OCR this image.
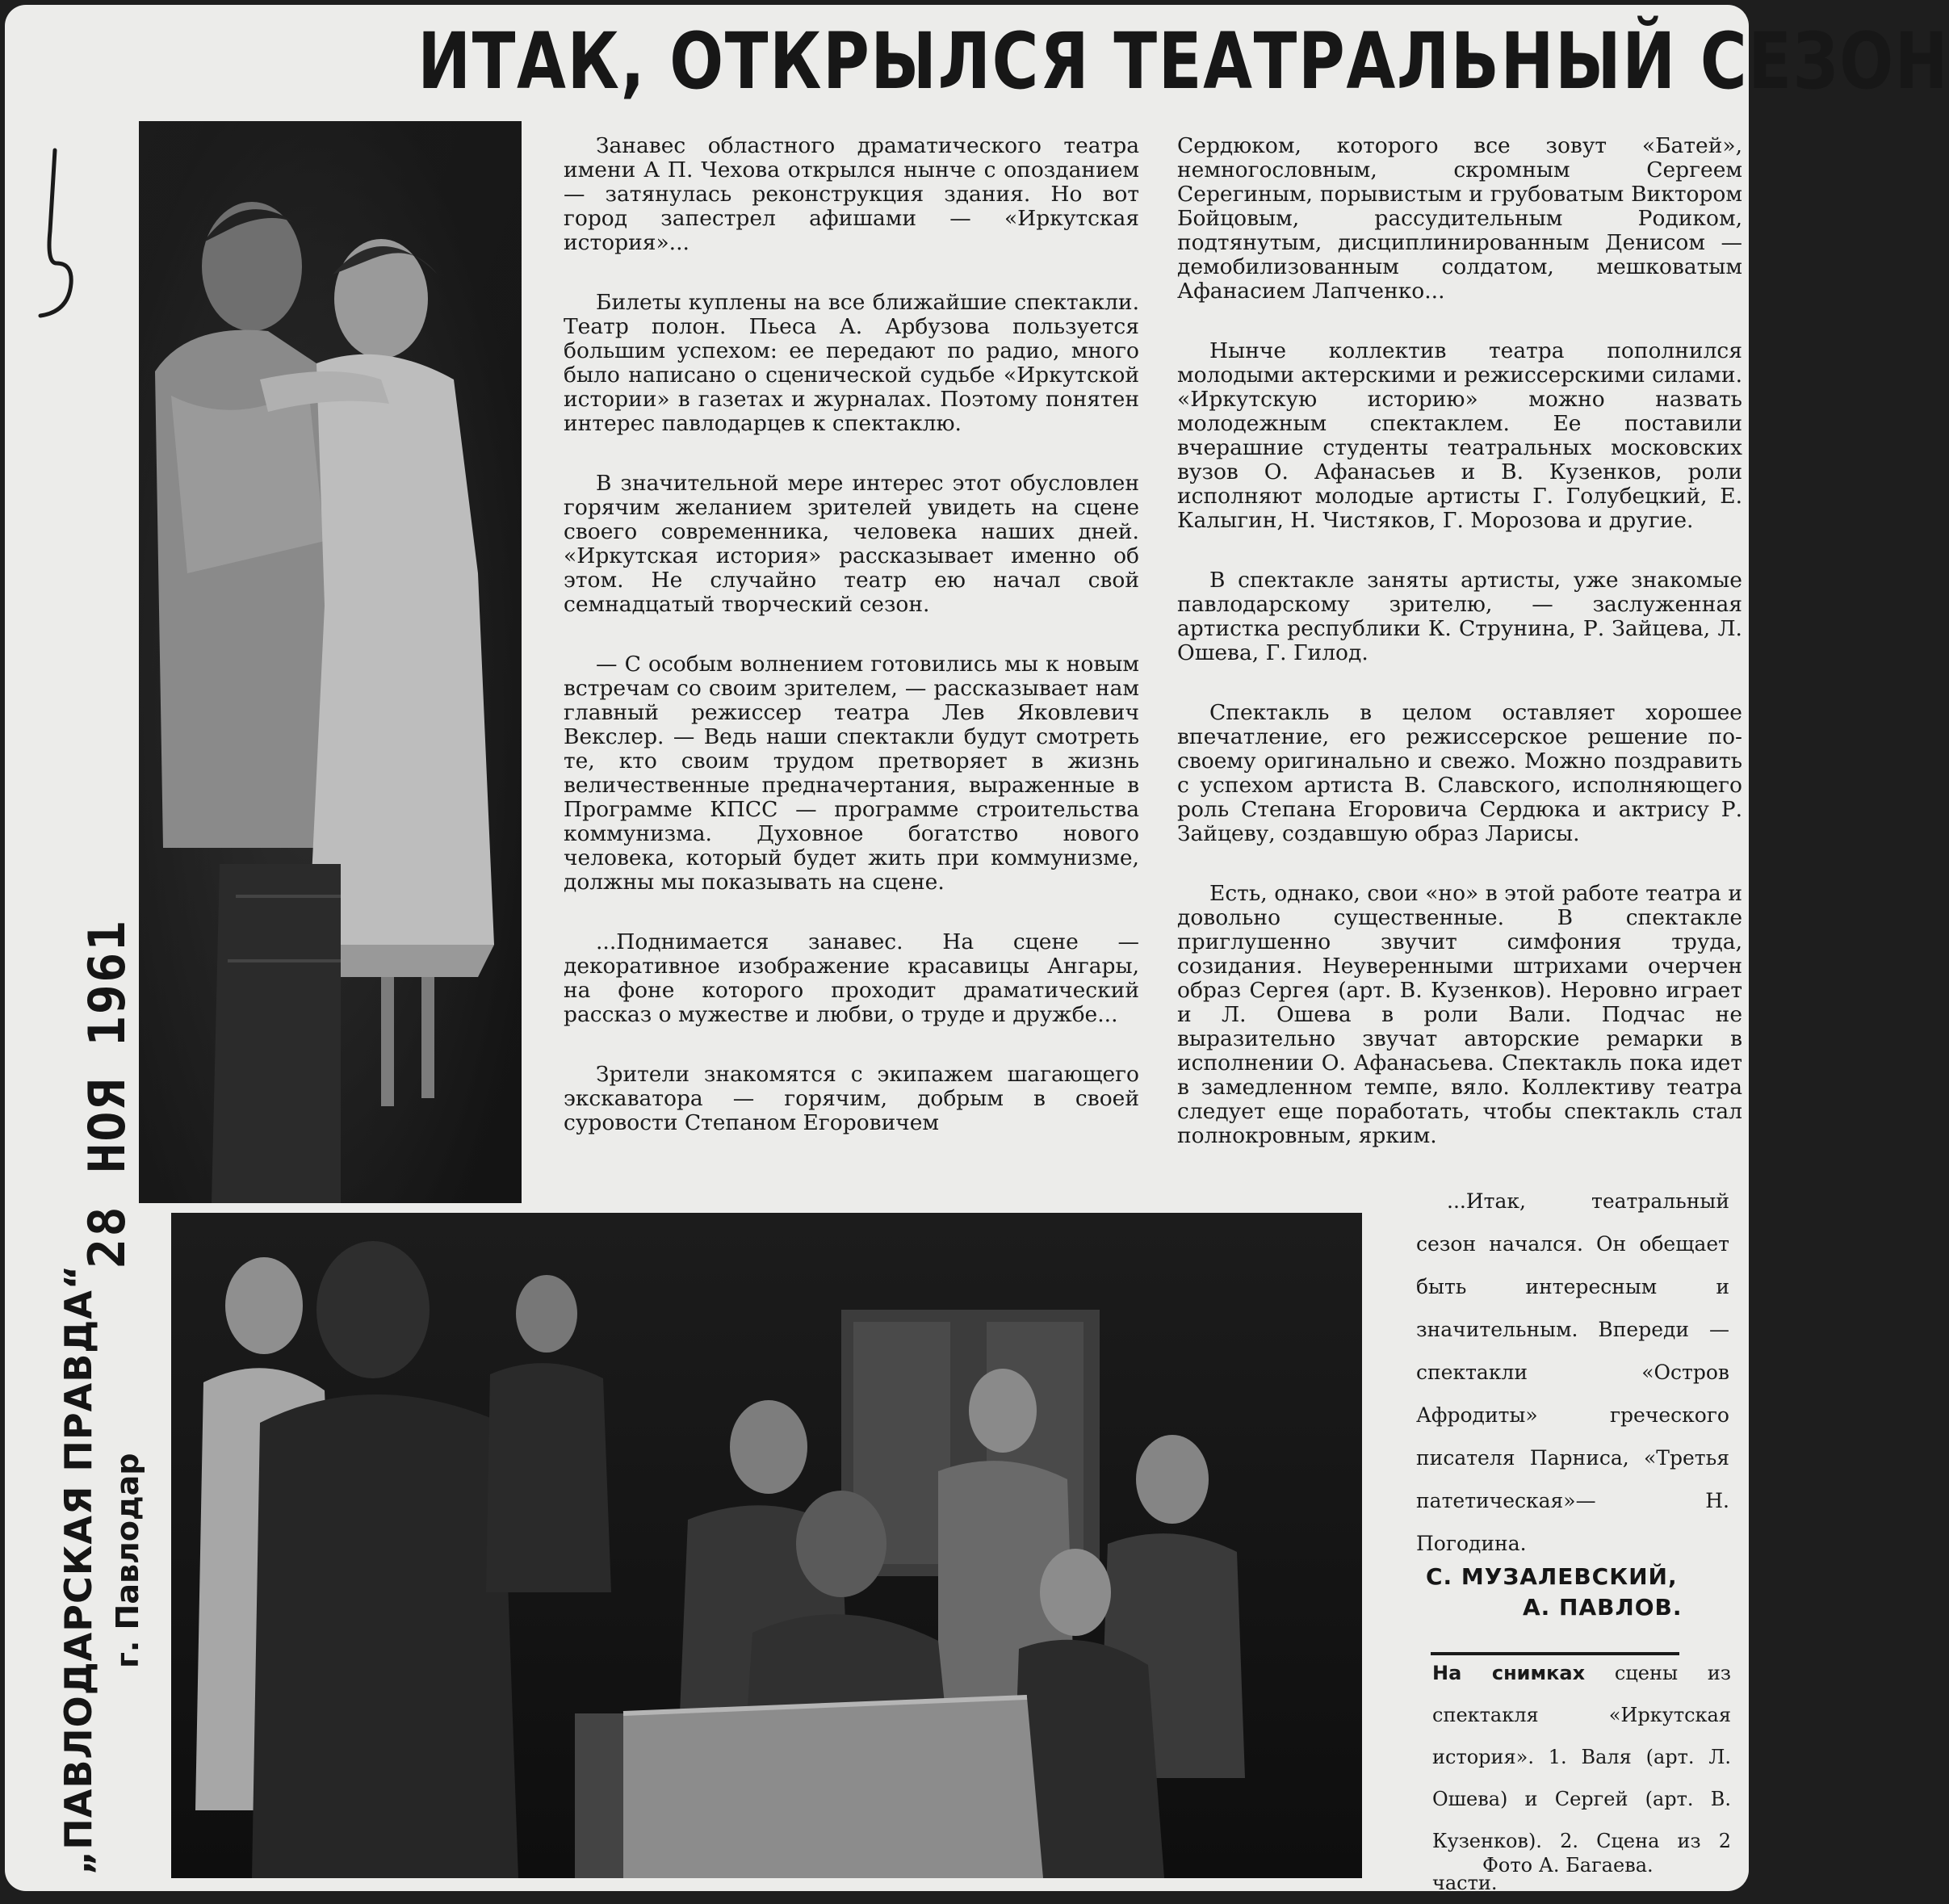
ИТАК, ОТКРЫЛСЯ ТЕАТРАЛЬНЫЙ СЕЗОН

Занавес областного драматического театра имени А П. Чехова открылся нынче с опозданием — затянулась реконструкция здания. Но вот город запестрел афишами — «Иркутская история»...

Билеты куплены на все ближайшие спектакли. Театр полон. Пьеса А. Арбузова пользуется большим успехом: ее передают по радио, много было написано о сценической судьбе «Иркутской истории» в газетах и журналах. Поэтому понятен интерес павлодарцев к спектаклю.

В значительной мере интерес этот обусловлен горячим желанием зрителей увидеть на сцене своего современника, человека наших дней. «Иркутская история» рассказывает именно об этом. Не случайно театр ею начал свой семнадцатый творческий сезон.

— С особым волнением готовились мы к новым встречам со своим зрителем, — рассказывает нам главный режиссер театра Лев Яковлевич Векслер. — Ведь наши спектакли будут смотреть те, кто своим трудом претворяет в жизнь величественные предначертания, выраженные в Программе КПСС — программе строительства коммунизма. Духовное богатство нового человека, который будет жить при коммунизме, должны мы показывать на сцене.

...Поднимается занавес. На сцене — декоративное изображение красавицы Ангары, на фоне которого проходит драматический рассказ о мужестве и любви, о труде и дружбе...

Зрители знакомятся с экипажем шагающего экскаватора — горячим, добрым в своей суровости Степаном Егоровичем

Сердюком, которого все зовут «Батей», немногословным, скромным Сергеем Серегиным, порывистым и грубоватым Виктором Бойцовым, рассудительным Родиком, подтянутым, дисциплинированным Денисом — демобилизованным солдатом, мешковатым Афанасием Лапченко...

Нынче коллектив театра пополнился молодыми актерскими и режиссерскими силами. «Иркутскую историю» можно назвать молодежным спектаклем. Ее поставили вчерашние студенты театральных московских вузов О. Афанасьев и В. Кузенков, роли исполняют молодые артисты Г. Голубецкий, Е. Калыгин, Н. Чистяков, Г. Морозова и другие.

В спектакле заняты артисты, уже знакомые павлодарскому зрителю, — заслуженная артистка республики К. Струнина, Р. Зайцева, Л. Ошева, Г. Гилод.

Спектакль в целом оставляет хорошее впечатление, его режиссерское решение по-своему оригинально и свежо. Можно поздравить с успехом артиста В. Славского, исполняющего роль Степана Егоровича Сердюка и актрису Р. Зайцеву, создавшую образ Ларисы.

Есть, однако, свои «но» в этой работе театра и довольно существенные. В спектакле приглушенно звучит симфония труда, созидания. Неуверенными штрихами очерчен образ Сергея (арт. В. Кузенков). Неровно играет и Л. Ошева в роли Вали. Подчас не выразительно звучат авторские ремарки в исполнении О. Афанасьева. Спектакль пока идет в замедленном темпе, вяло. Коллективу театра следует еще поработать, чтобы спектакль стал полнокровным, ярким.

...Итак, театральный сезон начался. Он обещает быть интересным и значительным. Впереди — спектакли «Остров Афродиты» греческого писателя Парниса, «Третья патетическая»— Н. Погодина.

С. МУЗАЛЕВСКИЙ,
А. ПАВЛОВ.
На снимках сцены из спектакля «Иркутская история». 1. Валя (арт. Л. Ошева) и Сергей (арт. В. Кузенков). 2. Сцена из 2 части.
Фото А. Багаева.
„ПАВЛОДАРСКАЯ ПРАВДА“ г. Павлодар
28 НОЯ 1961
